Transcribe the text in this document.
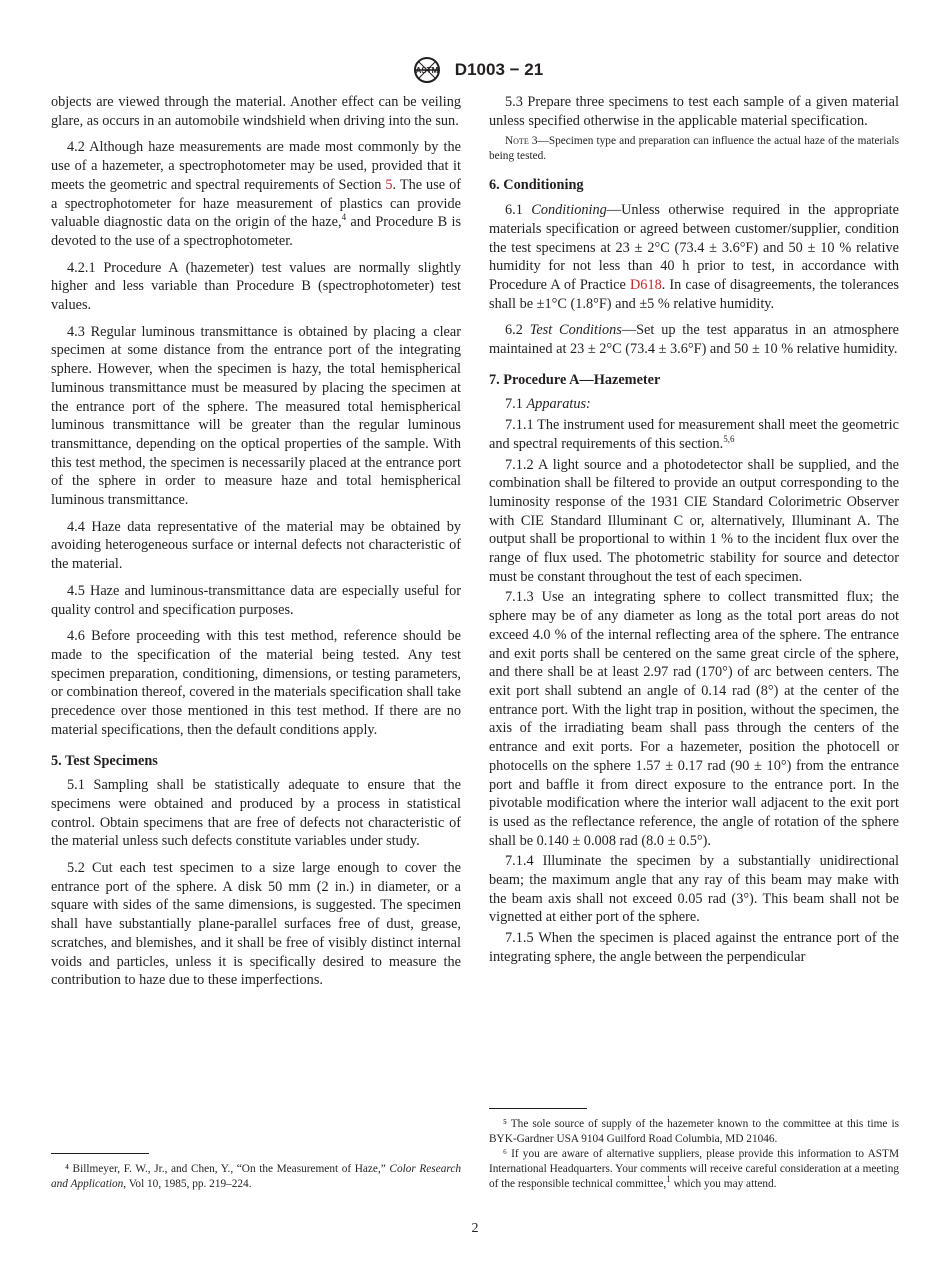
ASTM D1003 − 21

objects are viewed through the material. Another effect can be veiling glare, as occurs in an automobile windshield when driving into the sun.

4.2 Although haze measurements are made most commonly by the use of a hazemeter, a spectrophotometer may be used, provided that it meets the geometric and spectral requirements of Section 5. The use of a spectrophotometer for haze measurement of plastics can provide valuable diagnostic data on the origin of the haze,$^4$ and Procedure B is devoted to the use of a spectrophotometer.

4.2.1 Procedure A (hazemeter) test values are normally slightly higher and less variable than Procedure B (spectrophotometer) test values.

4.3 Regular luminous transmittance is obtained by placing a clear specimen at some distance from the entrance port of the integrating sphere. However, when the specimen is hazy, the total hemispherical luminous transmittance must be measured by placing the specimen at the entrance port of the sphere. The measured total hemispherical luminous transmittance will be greater than the regular luminous transmittance, depending on the optical properties of the sample. With this test method, the specimen is necessarily placed at the entrance port of the sphere in order to measure haze and total hemispherical luminous transmittance.

4.4 Haze data representative of the material may be obtained by avoiding heterogeneous surface or internal defects not characteristic of the material.

4.5 Haze and luminous-transmittance data are especially useful for quality control and specification purposes.

4.6 Before proceeding with this test method, reference should be made to the specification of the material being tested. Any test specimen preparation, conditioning, dimensions, or testing parameters, or combination thereof, covered in the materials specification shall take precedence over those mentioned in this test method. If there are no material specifications, then the default conditions apply.

5. Test Specimens

5.1 Sampling shall be statistically adequate to ensure that the specimens were obtained and produced by a process in statistical control. Obtain specimens that are free of defects not characteristic of the material unless such defects constitute variables under study.

5.2 Cut each test specimen to a size large enough to cover the entrance port of the sphere. A disk 50 mm (2 in.) in diameter, or a square with sides of the same dimensions, is suggested. The specimen shall have substantially plane-parallel surfaces free of dust, grease, scratches, and blemishes, and it shall be free of visibly distinct internal voids and particles, unless it is specifically desired to measure the contribution to haze due to these imperfections.

⁴ Billmeyer, F. W., Jr., and Chen, Y., “On the Measurement of Haze,” Color Research and Application, Vol 10, 1985, pp. 219–224.

5.3 Prepare three specimens to test each sample of a given material unless specified otherwise in the applicable material specification.

Note 3—Specimen type and preparation can influence the actual haze of the materials being tested.
6. Conditioning

6.1 Conditioning—Unless otherwise required in the appropriate materials specification or agreed between customer/supplier, condition the test specimens at 23 ± 2°C (73.4 ± 3.6°F) and 50 ± 10 % relative humidity for not less than 40 h prior to test, in accordance with Procedure A of Practice D618. In case of disagreements, the tolerances shall be ±1°C (1.8°F) and ±5 % relative humidity.

6.2 Test Conditions—Set up the test apparatus in an atmosphere maintained at 23 ± 2°C (73.4 ± 3.6°F) and 50 ± 10 % relative humidity.

7. Procedure A—Hazemeter

7.1 Apparatus:

7.1.1 The instrument used for measurement shall meet the geometric and spectral requirements of this section.$^{5,6}$

7.1.2 A light source and a photodetector shall be supplied, and the combination shall be filtered to provide an output corresponding to the luminosity response of the 1931 CIE Standard Colorimetric Observer with CIE Standard Illuminant C or, alternatively, Illuminant A. The output shall be proportional to within 1 % to the incident flux over the range of flux used. The photometric stability for source and detector must be constant throughout the test of each specimen.

7.1.3 Use an integrating sphere to collect transmitted flux; the sphere may be of any diameter as long as the total port areas do not exceed 4.0 % of the internal reflecting area of the sphere. The entrance and exit ports shall be centered on the same great circle of the sphere, and there shall be at least 2.97 rad (170°) of arc between centers. The exit port shall subtend an angle of 0.14 rad (8°) at the center of the entrance port. With the light trap in position, without the specimen, the axis of the irradiating beam shall pass through the centers of the entrance and exit ports. For a hazemeter, position the photocell or photocells on the sphere 1.57 ± 0.17 rad (90 ± 10°) from the entrance port and baffle it from direct exposure to the entrance port. In the pivotable modification where the interior wall adjacent to the exit port is used as the reflectance reference, the angle of rotation of the sphere shall be 0.140 ± 0.008 rad (8.0 ± 0.5°).

7.1.4 Illuminate the specimen by a substantially unidirectional beam; the maximum angle that any ray of this beam may make with the beam axis shall not exceed 0.05 rad (3°). This beam shall not be vignetted at either port of the sphere.

7.1.5 When the specimen is placed against the entrance port of the integrating sphere, the angle between the perpendicular

⁵ The sole source of supply of the hazemeter known to the committee at this time is BYK-Gardner USA 9104 Guilford Road Columbia, MD 21046.

⁶ If you are aware of alternative suppliers, please provide this information to ASTM International Headquarters. Your comments will receive careful consideration at a meeting of the responsible technical committee,$^1$ which you may attend.

2
